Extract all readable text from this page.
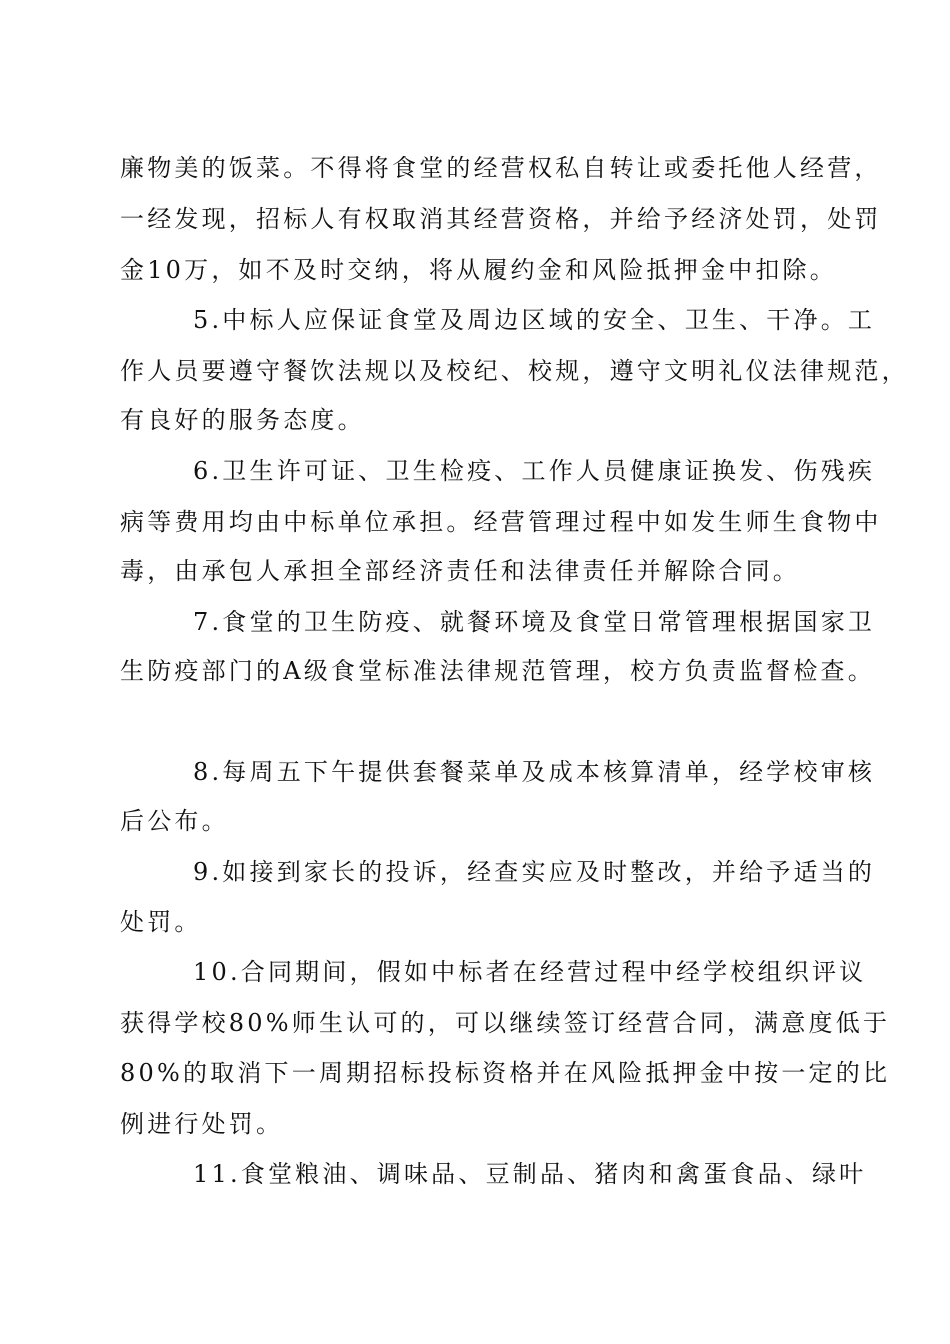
廉物美的饭菜。不得将食堂的经营权私自转让或委托他人经营，
一经发现，招标人有权取消其经营资格，并给予经济处罚，处罚
金10万，如不及时交纳，将从履约金和风险抵押金中扣除。
5.中标人应保证食堂及周边区域的安全、卫生、干净。工
作人员要遵守餐饮法规以及校纪、校规，遵守文明礼仪法律规范，
有良好的服务态度。
6.卫生许可证、卫生检疫、工作人员健康证换发、伤残疾
病等费用均由中标单位承担。经营管理过程中如发生师生食物中
毒，由承包人承担全部经济责任和法律责任并解除合同。
7.食堂的卫生防疫、就餐环境及食堂日常管理根据国家卫
生防疫部门的A级食堂标准法律规范管理，校方负责监督检查。
8.每周五下午提供套餐菜单及成本核算清单，经学校审核
后公布。
9.如接到家长的投诉，经查实应及时整改，并给予适当的
处罚。
10.合同期间，假如中标者在经营过程中经学校组织评议
获得学校80%师生认可的，可以继续签订经营合同，满意度低于
80%的取消下一周期招标投标资格并在风险抵押金中按一定的比
例进行处罚。
11.食堂粮油、调味品、豆制品、猪肉和禽蛋食品、绿叶
